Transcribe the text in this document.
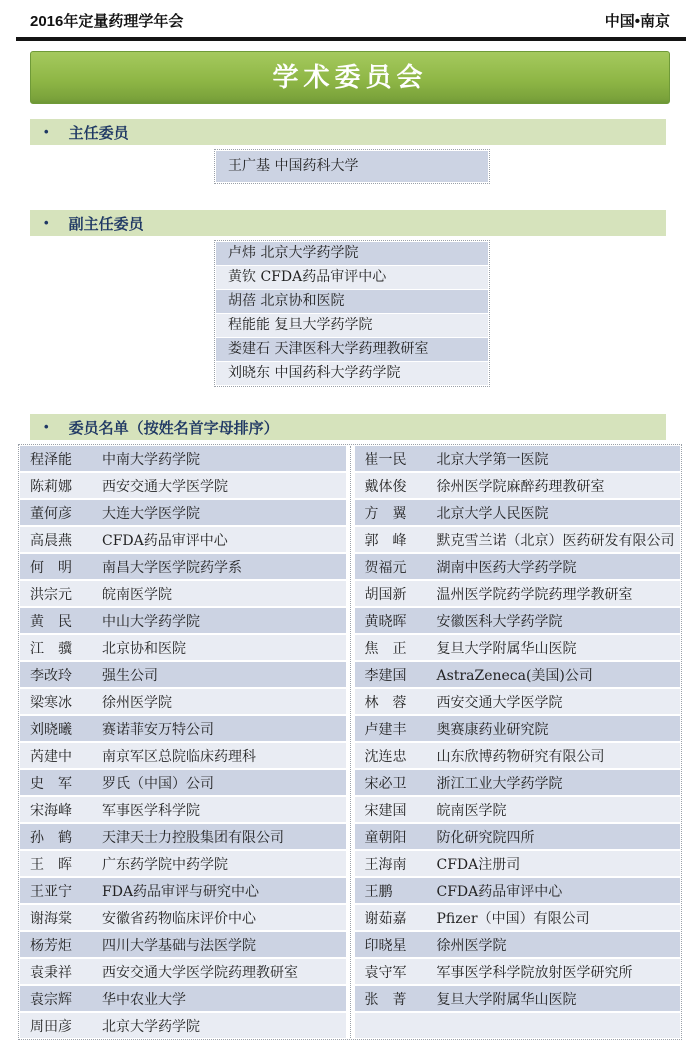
2016年定量药理学年会	中国•南京
学术委员会
• 主任委员
王广基 中国药科大学
• 副主任委员
卢炜 北京大学药学院
黄钦 CFDA药品审评中心
胡蓓 北京协和医院
程能能 复旦大学药学院
娄建石 天津医科大学药理教研室
刘晓东 中国药科大学药学院
• 委员名单（按姓名首字母排序）
程泽能	中南大学药学院	崔一民	北京大学第一医院
陈莉娜	西安交通大学医学院	戴体俊	徐州医学院麻醉药理教研室
董何彦	大连大学医学院	方　翼	北京大学人民医院
高晨燕	CFDA药品审评中心	郭　峰	默克雪兰诺（北京）医药研发有限公司
何　明	南昌大学医学院药学系	贺福元	湖南中医药大学药学院
洪宗元	皖南医学院	胡国新	温州医学院药学院药理学教研室
黄　民	中山大学药学院	黄晓晖	安徽医科大学药学院
江　骥	北京协和医院	焦　正	复旦大学附属华山医院
李改玲	强生公司	李建国	AstraZeneca(美国)公司
梁寒冰	徐州医学院	林　蓉	西安交通大学医学院
刘晓曦	赛诺菲安万特公司	卢建丰	奥赛康药业研究院
芮建中	南京军区总院临床药理科	沈连忠	山东欣博药物研究有限公司
史　军	罗氏（中国）公司	宋必卫	浙江工业大学药学院
宋海峰	军事医学科学院	宋建国	皖南医学院
孙　鹤	天津天士力控股集团有限公司	童朝阳	防化研究院四所
王　晖	广东药学院中药学院	王海南	CFDA注册司
王亚宁	FDA药品审评与研究中心	王鹏	CFDA药品审评中心
谢海棠	安徽省药物临床评价中心	谢茹嘉	Pfizer（中国）有限公司
杨芳炬	四川大学基础与法医学院	印晓星	徐州医学院
袁秉祥	西安交通大学医学院药理教研室	袁守军	军事医学科学院放射医学研究所
袁宗辉	华中农业大学	张　菁	复旦大学附属华山医院
周田彦	北京大学药学院
